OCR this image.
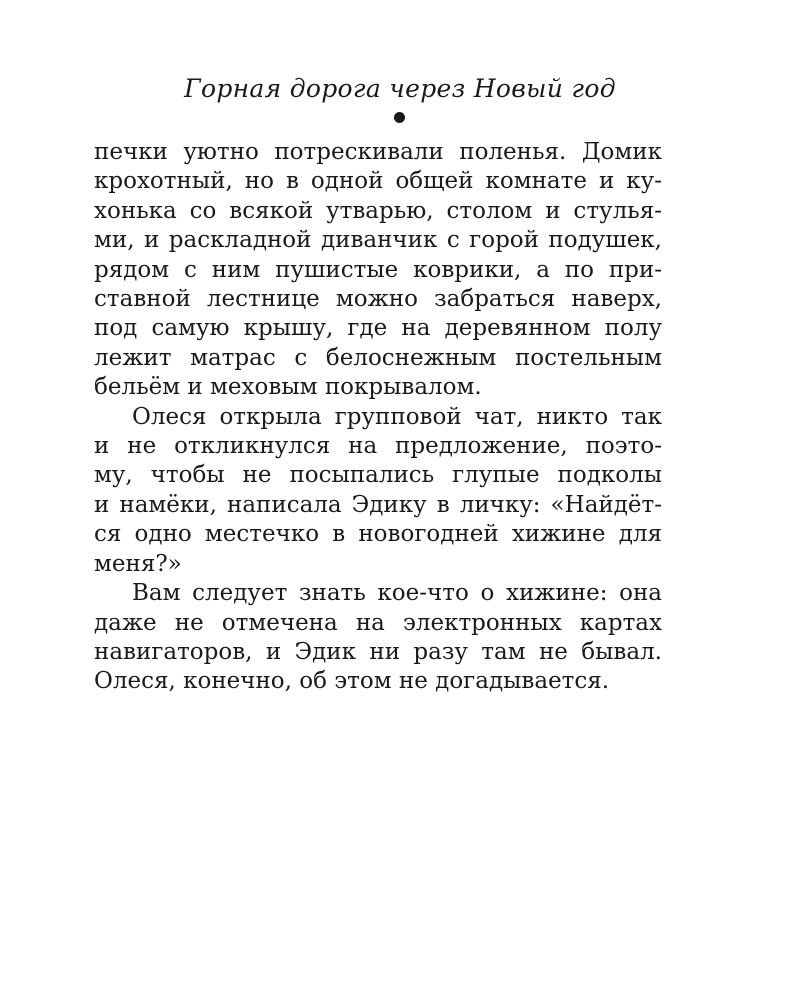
Горная дорога через Новый год
печки уютно потрескивали поленья. Домик
крохотный, но в одной общей комнате и ку-
хонька со всякой утварью, столом и стулья-
ми, и раскладной диванчик с горой подушек,
рядом с ним пушистые коврики, а по при-
ставной лестнице можно забраться наверх,
под самую крышу, где на деревянном полу
лежит матрас с белоснежным постельным
бельём и меховым покрывалом.
Олеся открыла групповой чат, никто так
и не откликнулся на предложение, поэто-
му, чтобы не посыпались глупые подколы
и намёки, написала Эдику в личку: «Найдёт-
ся одно местечко в новогодней хижине для
меня?»
Вам следует знать кое-что о хижине: она
даже не отмечена на электронных картах
навигаторов, и Эдик ни разу там не бывал.
Олеся, конечно, об этом не догадывается.
